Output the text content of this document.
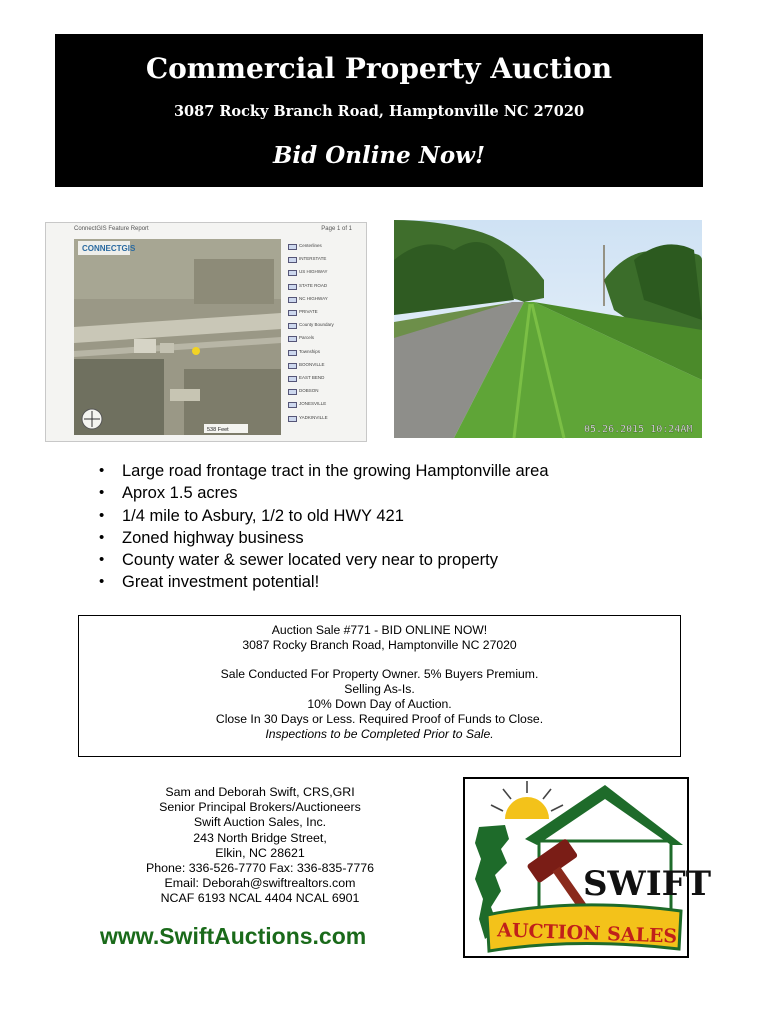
Commercial Property Auction
3087 Rocky Branch Road, Hamptonville NC 27020
Bid Online Now!
ConnectGIS Feature Report	Page 1 of 1
CONNECTGIS
538 Feet
Centerlines
INTERSTATE
US HIGHWAY
STATE ROAD
NC HIGHWAY
PRIVATE
County Boundary
Parcels
Townships
BOONVILLE
EAST BEND
DOBSON
JONESVILLE
YADKINVILLE
05.26.2015 10:24AM
• Large road frontage tract in the growing Hamptonville area
• Aprox 1.5 acres
• 1/4 mile to Asbury, 1/2 to old HWY 421
• Zoned highway business
• County water & sewer located very near to property
• Great investment potential!
Auction Sale #771 - BID ONLINE NOW!
3087 Rocky Branch Road, Hamptonville NC 27020
Sale Conducted For Property Owner. 5% Buyers Premium.
Selling As-Is.
10% Down Day of Auction.
Close In 30 Days or Less. Required Proof of Funds to Close.
Inspections to be Completed Prior to Sale.
Sam and Deborah Swift, CRS,GRI
Senior Principal Brokers/Auctioneers
Swift Auction Sales, Inc.
243 North Bridge Street,
Elkin, NC 28621
Phone: 336-526-7770 Fax: 336-835-7776
Email: Deborah@swiftrealtors.com
NCAF 6193 NCAL 4404 NCAL 6901
www.SwiftAuctions.com
SWIFT
AUCTION SALES
